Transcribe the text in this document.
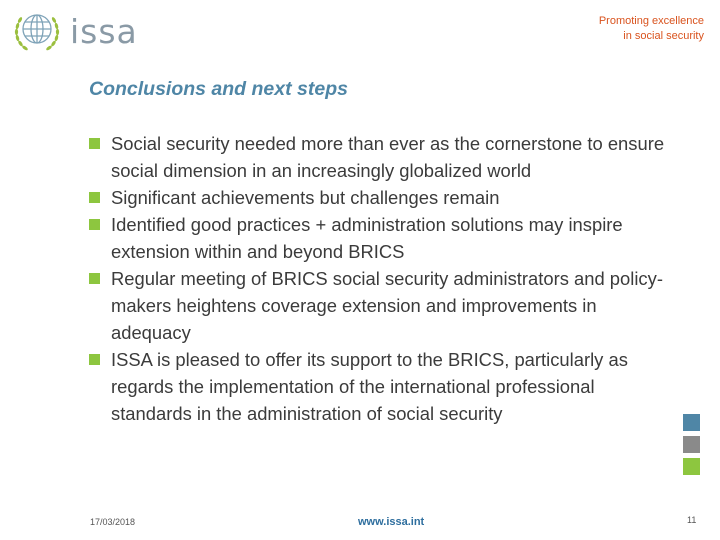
issa	Promoting excellence
in social security
Conclusions and next steps
Social security needed more than ever as the cornerstone to ensure social dimension in an increasingly globalized world
Significant achievements but challenges remain
Identified good practices + administration solutions may inspire extension within and beyond BRICS
Regular meeting of BRICS social security administrators and policy-makers heightens coverage extension and improvements in adequacy
ISSA is pleased to offer its support to the BRICS, particularly as regards the implementation of the international professional standards in the administration of social security
17/03/2018	www.issa.int	11
